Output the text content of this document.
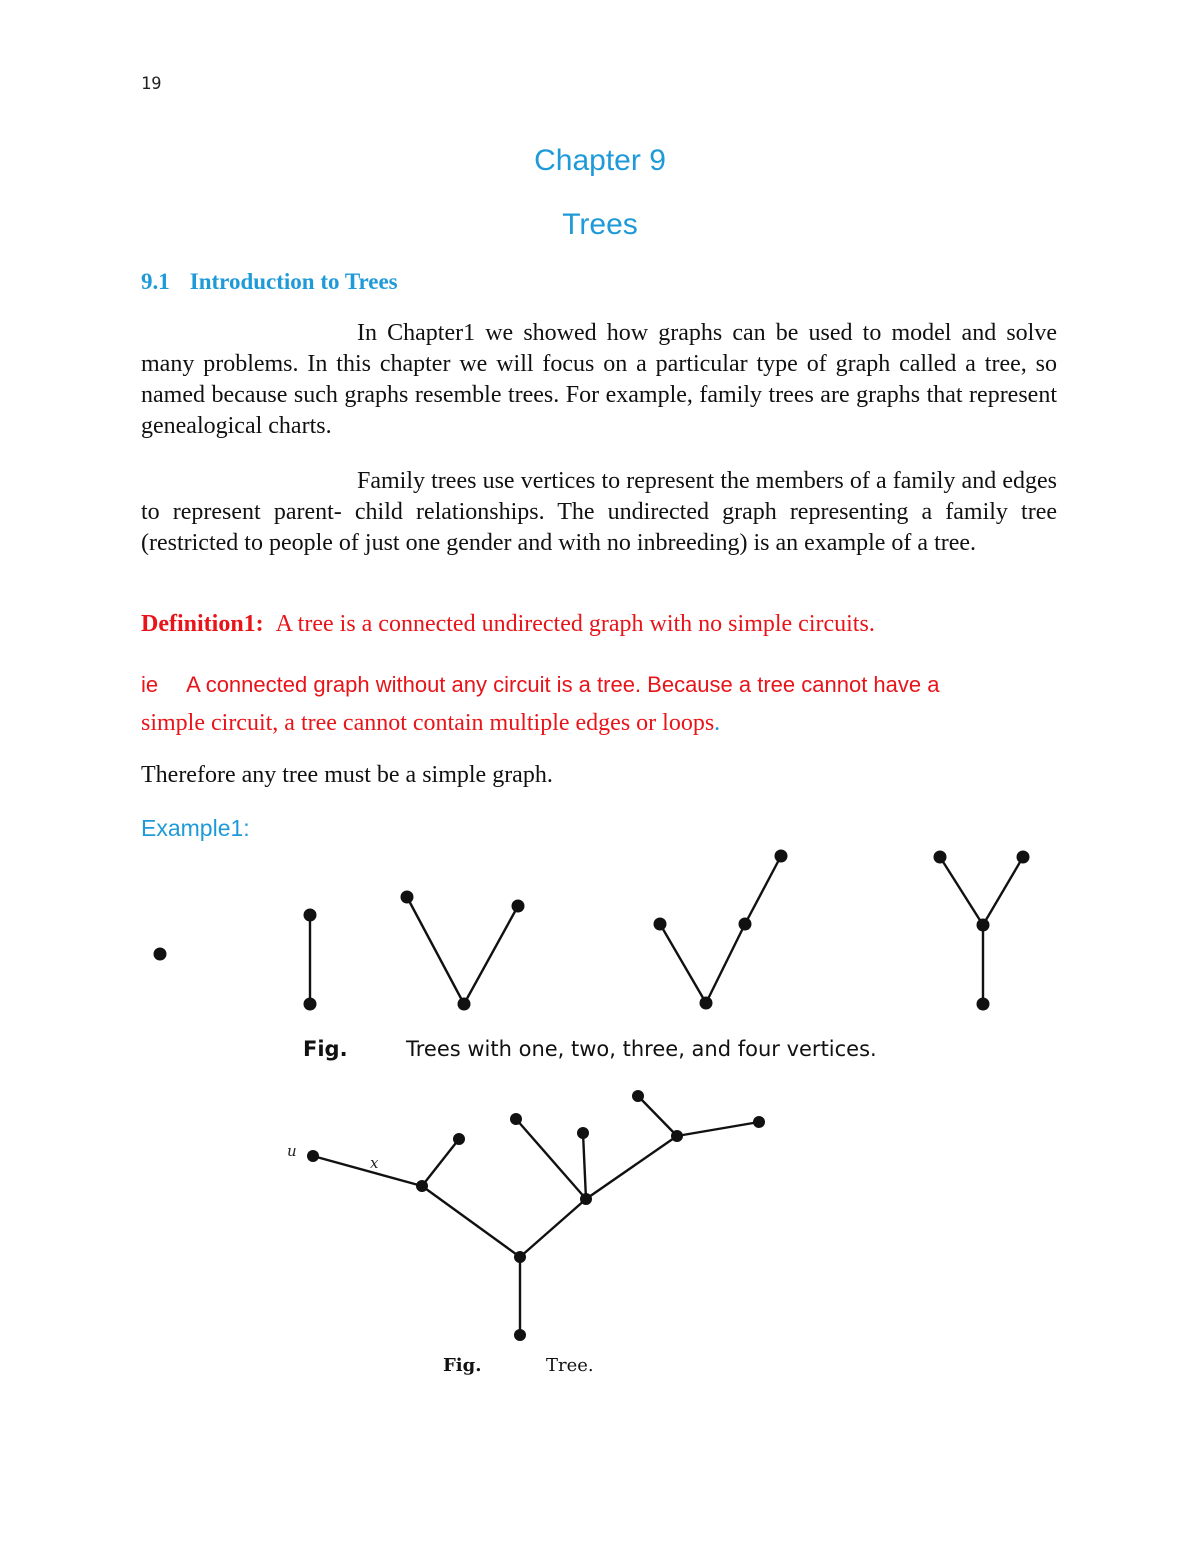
19
Chapter 9
Trees
9.1 Introduction to Trees
In Chapter1 we showed how graphs can be used to model and solve many problems. In this chapter we will focus on a particular type of graph called a tree, so named because such graphs resemble trees. For example, family trees are graphs that represent genealogical charts.
Family trees use vertices to represent the members of a family and edges to represent parent- child relationships. The undirected graph representing a family tree (restricted to people of just one gender and with no inbreeding) is an example of a tree.
Definition1: A tree is a connected undirected graph with no simple circuits.
ie A connected graph without any circuit is a tree. Because a tree cannot have a
simple circuit, a tree cannot contain multiple edges or loops.
Therefore any tree must be a simple graph.
Example1:
Fig.	Trees with one, two, three, and four vertices.
u
x
Fig.	Tree.
